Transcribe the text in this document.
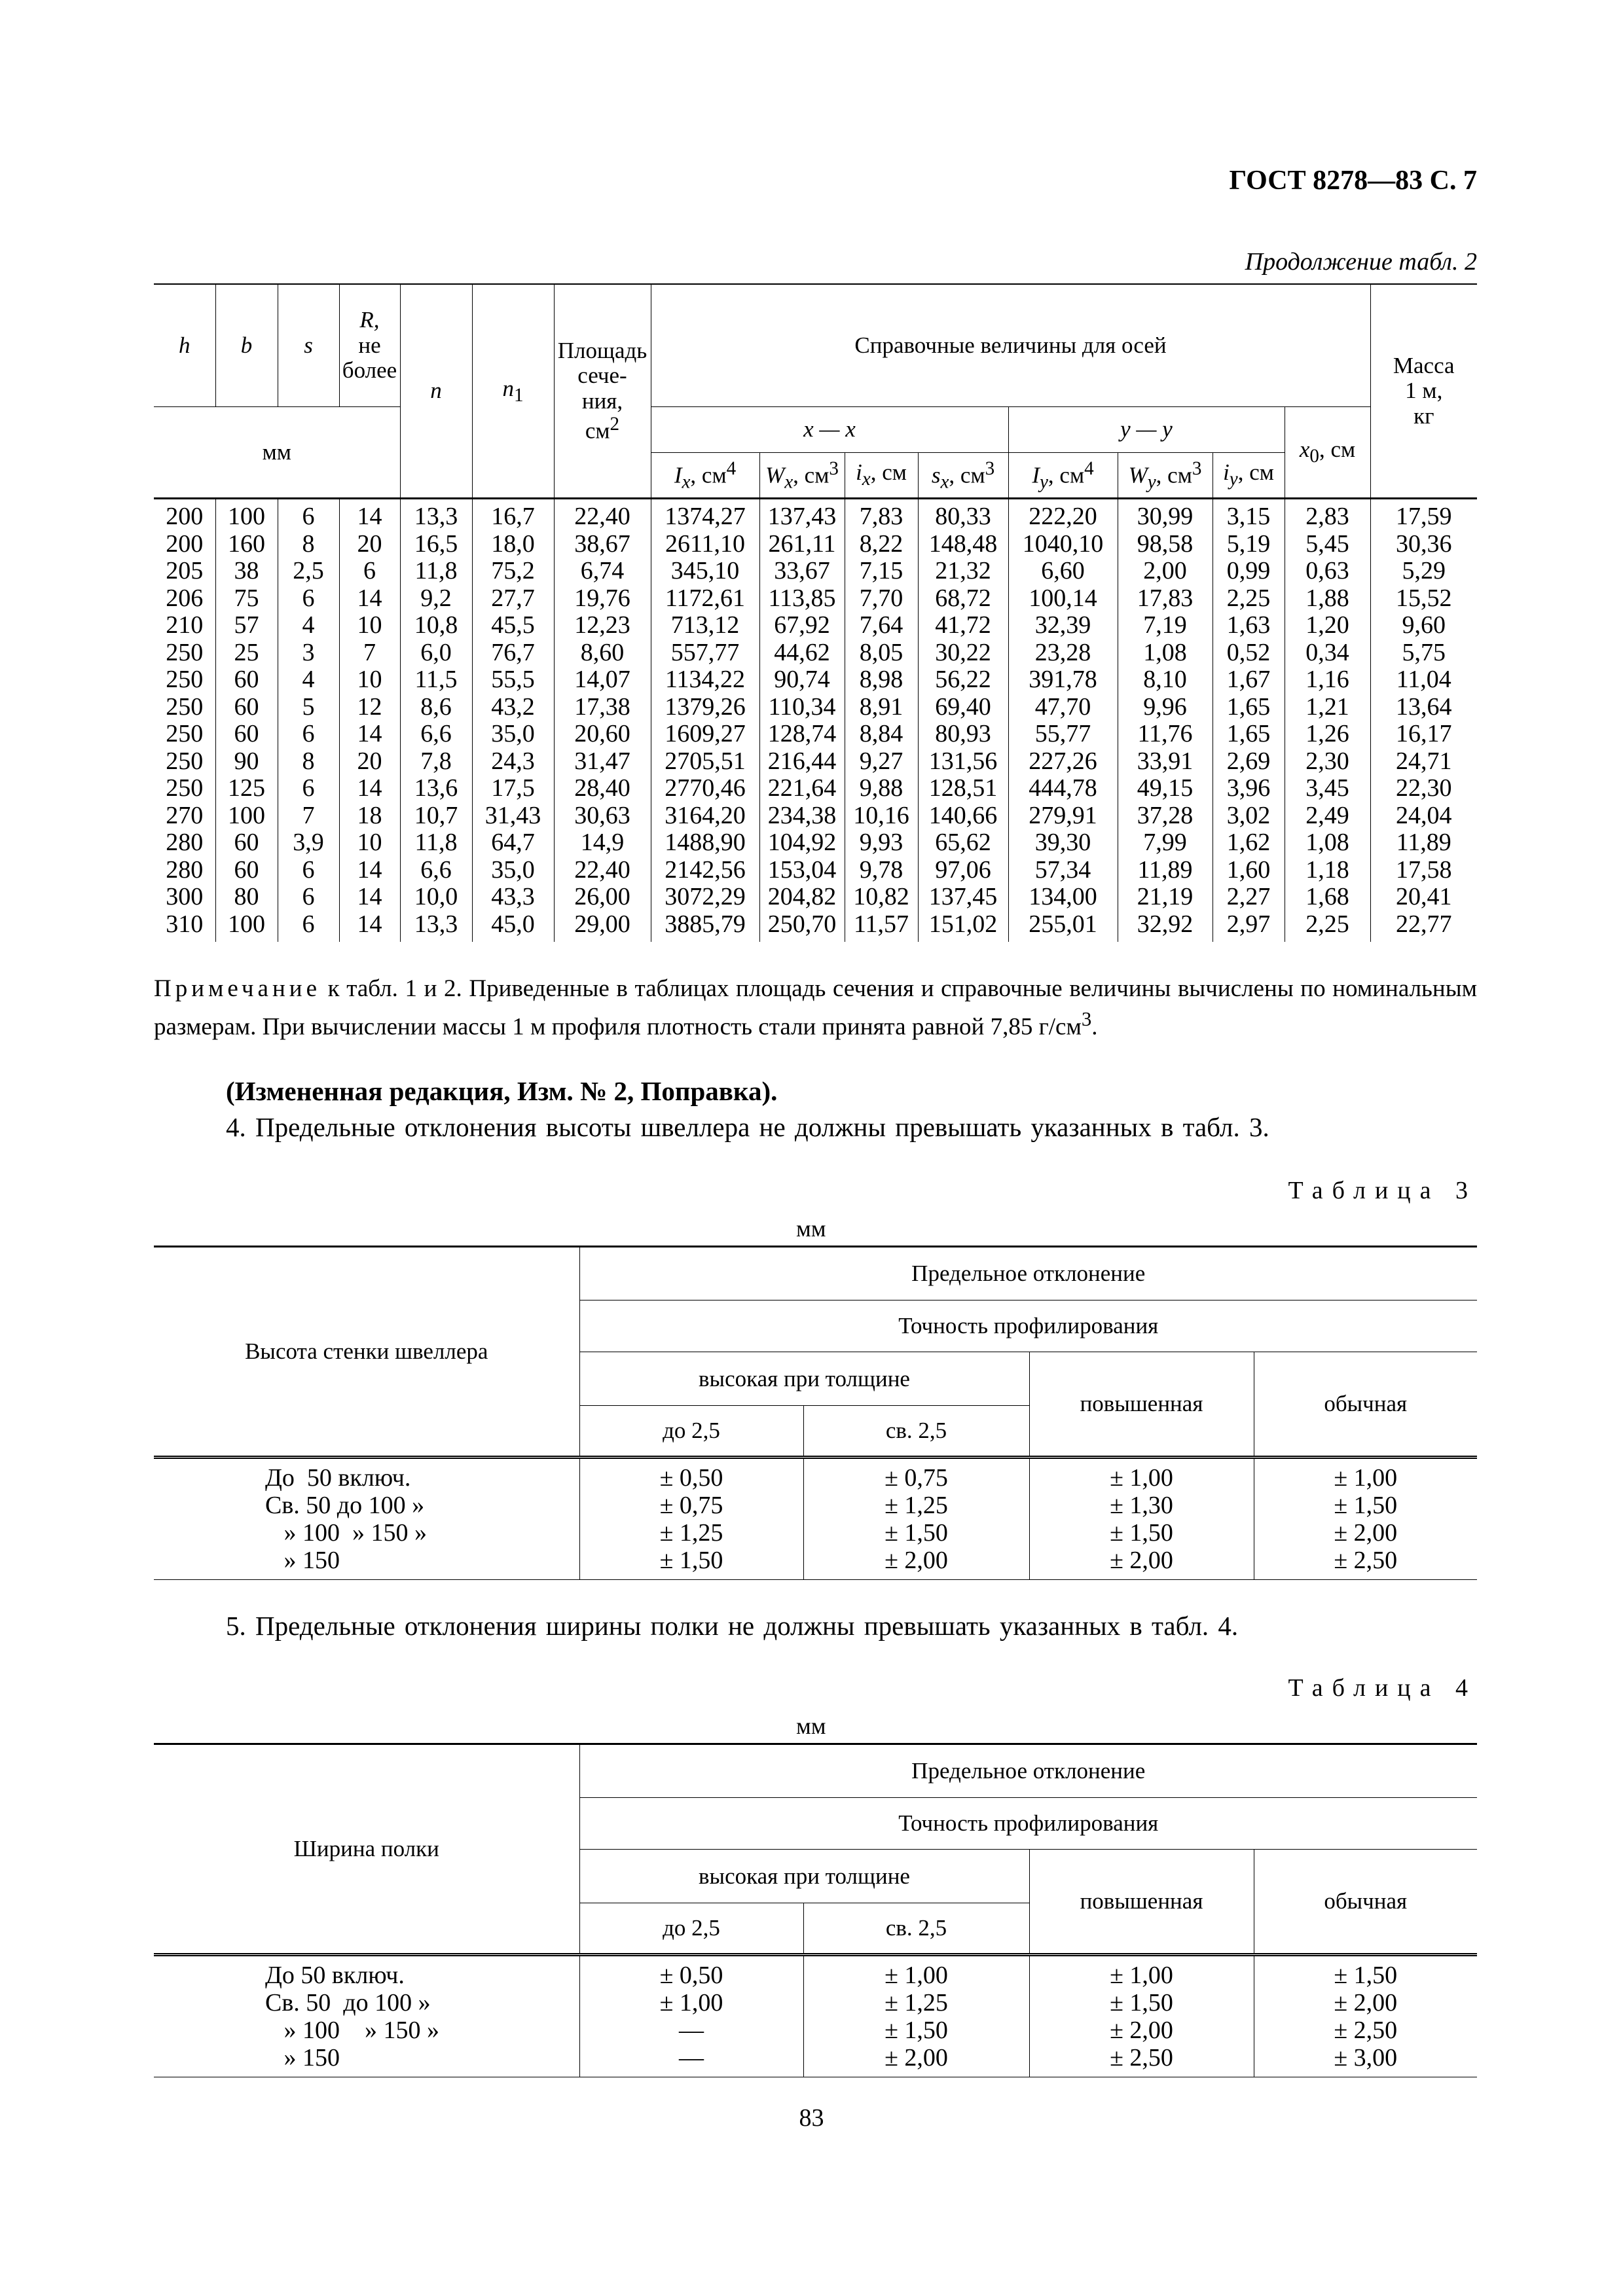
ГОСТ 8278—83 С. 7
Продолжение табл. 2
h	b	s	R,
не
более	n	$n_1$	Площадь
сече-
ния,
$см^2$	Справочные величины для осей								Масса
1 м,
кг
мм							x — x				y — y			$x_0$, см	
							$I_x$, $см^4$	$W_x$, $см^3$	$i_x$, см	$s_x$, $см^3$	$I_y$, $см^4$	$W_y$, $см^3$	$i_y$, см		
200	100	6	14	13,3	16,7	22,40	1374,27	137,43	7,83	80,33	222,20	30,99	3,15	2,83	17,59
200	160	8	20	16,5	18,0	38,67	2611,10	261,11	8,22	148,48	1040,10	98,58	5,19	5,45	30,36
205	38	2,5	6	11,8	75,2	6,74	345,10	33,67	7,15	21,32	6,60	2,00	0,99	0,63	5,29
206	75	6	14	9,2	27,7	19,76	1172,61	113,85	7,70	68,72	100,14	17,83	2,25	1,88	15,52
210	57	4	10	10,8	45,5	12,23	713,12	67,92	7,64	41,72	32,39	7,19	1,63	1,20	9,60
250	25	3	7	6,0	76,7	8,60	557,77	44,62	8,05	30,22	23,28	1,08	0,52	0,34	5,75
250	60	4	10	11,5	55,5	14,07	1134,22	90,74	8,98	56,22	391,78	8,10	1,67	1,16	11,04
250	60	5	12	8,6	43,2	17,38	1379,26	110,34	8,91	69,40	47,70	9,96	1,65	1,21	13,64
250	60	6	14	6,6	35,0	20,60	1609,27	128,74	8,84	80,93	55,77	11,76	1,65	1,26	16,17
250	90	8	20	7,8	24,3	31,47	2705,51	216,44	9,27	131,56	227,26	33,91	2,69	2,30	24,71
250	125	6	14	13,6	17,5	28,40	2770,46	221,64	9,88	128,51	444,78	49,15	3,96	3,45	22,30
270	100	7	18	10,7	31,43	30,63	3164,20	234,38	10,16	140,66	279,91	37,28	3,02	2,49	24,04
280	60	3,9	10	11,8	64,7	14,9	1488,90	104,92	9,93	65,62	39,30	7,99	1,62	1,08	11,89
280	60	6	14	6,6	35,0	22,40	2142,56	153,04	9,78	97,06	57,34	11,89	1,60	1,18	17,58
300	80	6	14	10,0	43,3	26,00	3072,29	204,82	10,82	137,45	134,00	21,19	2,27	1,68	20,41
310	100	6	14	13,3	45,0	29,00	3885,79	250,70	11,57	151,02	255,01	32,92	2,97	2,25	22,77
Примечание к табл. 1 и 2. Приведенные в таблицах площадь сечения и справочные величины вычислены по номинальным размерам. При вычислении массы 1 м профиля плотность стали принята равной 7,85 $г/см^3$.
(Измененная редакция, Изм. № 2, Поправка).
4. Предельные отклонения высоты швеллера не должны превышать указанных в табл. 3.
Таблица 3
мм
Высота стенки швеллера	Предельное отклонение			
	Точность профилирования			
	высокая при толщине		повышенная	обычная
	до 2,5	св. 2,5		
До  50 включ.	± 0,50	± 0,75	± 1,00	± 1,00
Св. 50 до 100 »	± 0,75	± 1,25	± 1,30	± 1,50
» 100  » 150 »	± 1,25	± 1,50	± 1,50	± 2,00
» 150	± 1,50	± 2,00	± 2,00	± 2,50
5. Предельные отклонения ширины полки не должны превышать указанных в табл. 4.
Таблица 4
мм
Ширина полки	Предельное отклонение			
	Точность профилирования			
	высокая при толщине		повышенная	обычная
	до 2,5	св. 2,5		
До 50 включ.	± 0,50	± 1,00	± 1,00	± 1,50
Св. 50  до 100 »	± 1,00	± 1,25	± 1,50	± 2,00
» 100    » 150 »	—	± 1,50	± 2,00	± 2,50
» 150	—	± 2,00	± 2,50	± 3,00
83
